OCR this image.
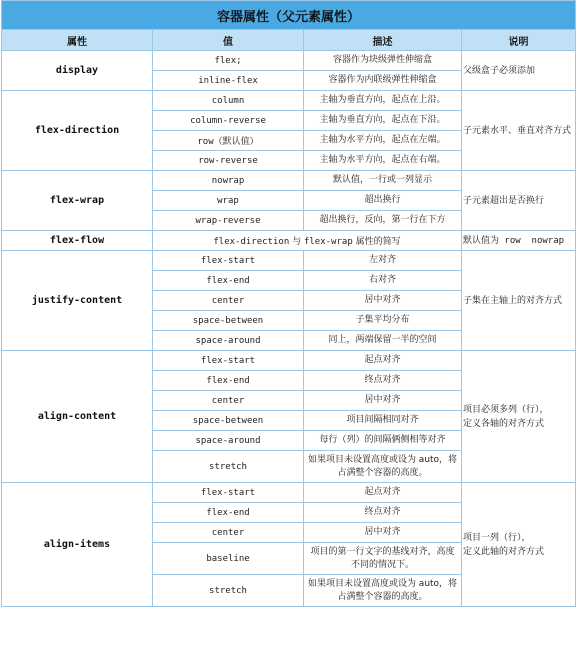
容器属性（父元素属性）			
属性	值	描述	说明
display	flex;	容器作为块级弹性伸缩盒	父级盒子必须添加
	inline-flex	容器作为内联级弹性伸缩盒	
flex-direction	column	主轴为垂直方向，起点在上沿。	子元素水平、垂直对齐方式
	column-reverse	主轴为垂直方向，起点在下沿。	
	row（默认值）	主轴为水平方向，起点在左端。	
	row-reverse	主轴为水平方向，起点在右端。	
flex-wrap	nowrap	默认值，一行或一列显示	子元素超出是否换行
	wrap	超出换行	
	wrap-reverse	超出换行，反向，第一行在下方	
flex-flow	flex-direction 与 flex-wrap 属性的简写		默认值为 row  nowrap
justify-content	flex-start	左对齐	子集在主轴上的对齐方式
	flex-end	右对齐	
	center	居中对齐	
	space-between	子集平均分布	
	space-around	同上，两端保留一半的空间	
align-content	flex-start	起点对齐	项目必须多列（行），
定义各轴的对齐方式

	flex-end	终点对齐	
	center	居中对齐	
	space-between	项目间隔相同对齐	
	space-around	每行（列）的间隔俩侧相等对齐	
	stretch	如果项目未设置高度或设为 auto，将
占满整个容器的高度。	

align-items	flex-start	起点对齐	项目一列（行），
定义此轴的对齐方式

	flex-end	终点对齐	
	center	居中对齐	
	baseline	项目的第一行文字的基线对齐，高度
不同的情况下。	

	stretch	如果项目未设置高度或设为 auto，将
占满整个容器的高度。	
